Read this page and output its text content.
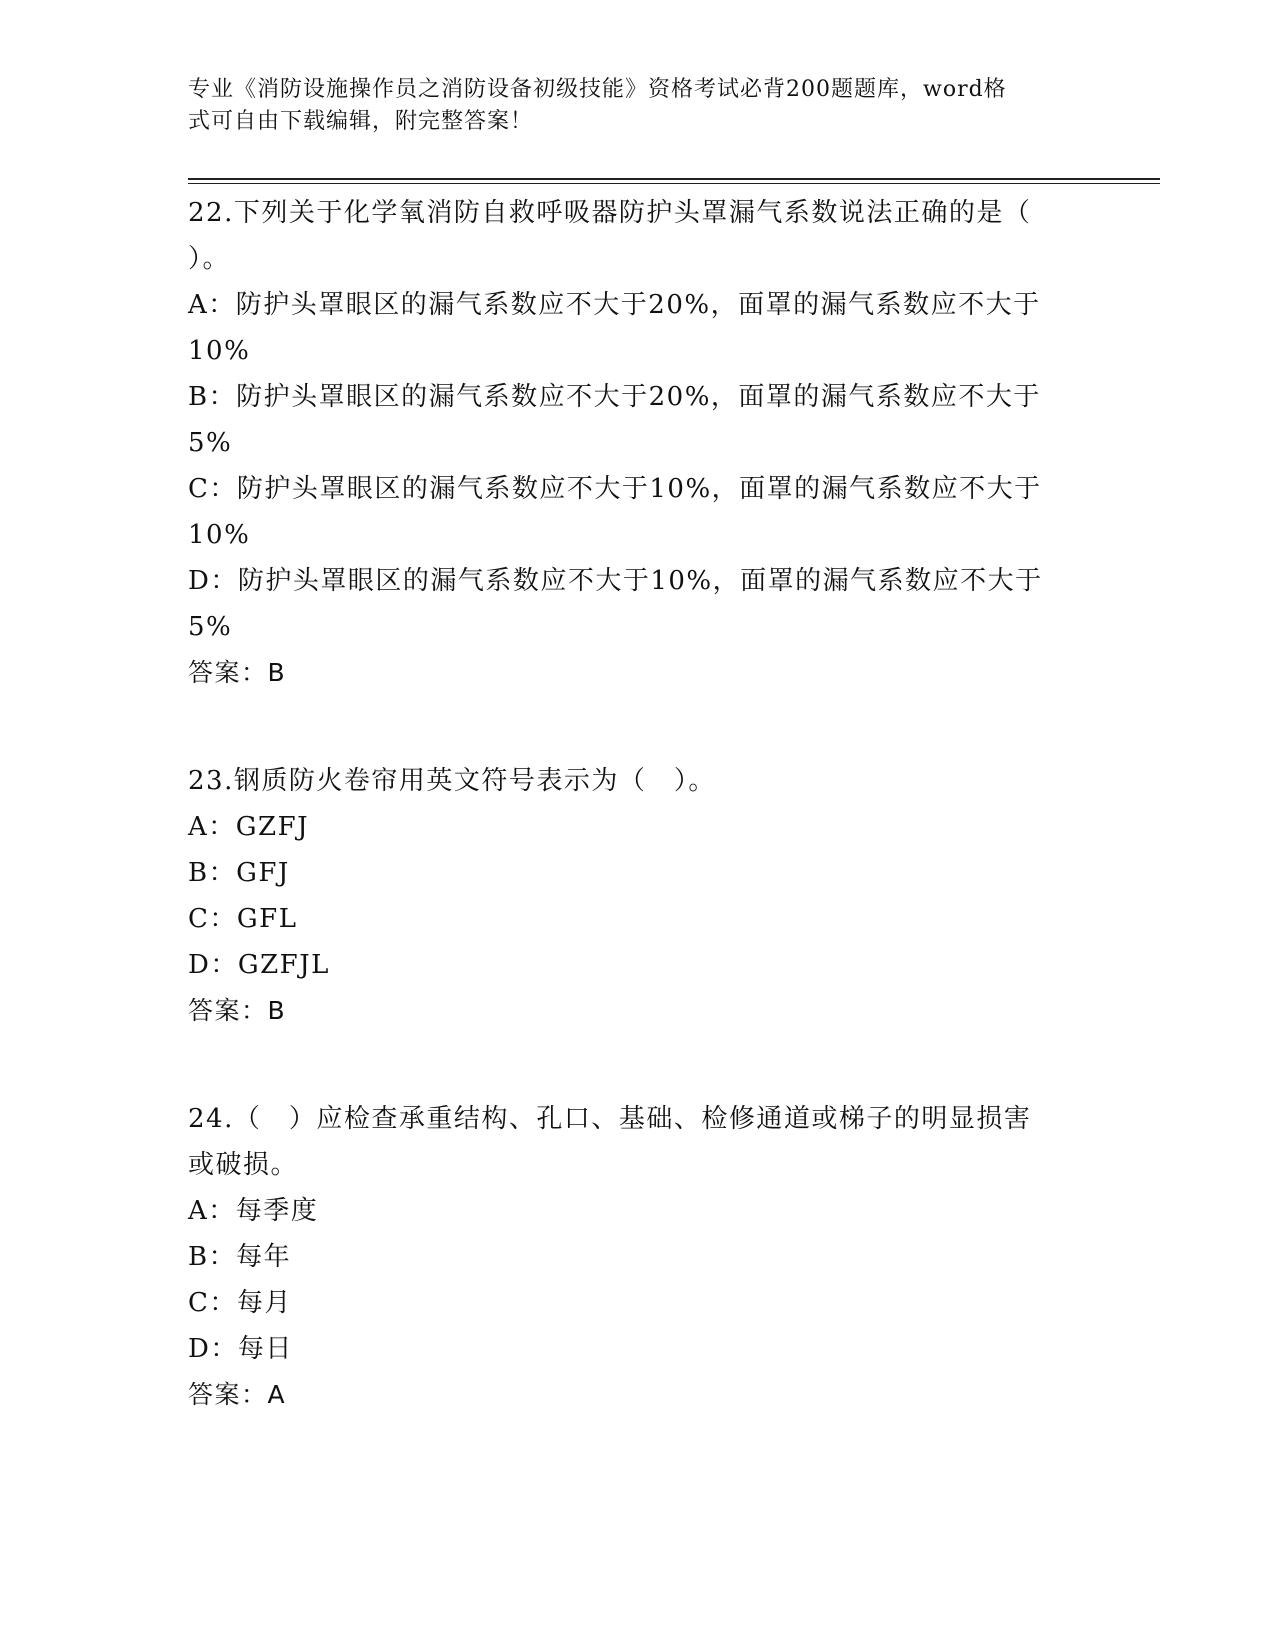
专业《消防设施操作员之消防设备初级技能》资格考试必背200题题库，word格
式可自由下载编辑，附完整答案！
22.下列关于化学氧消防自救呼吸器防护头罩漏气系数说法正确的是（
）。
A：防护头罩眼区的漏气系数应不大于20%，面罩的漏气系数应不大于
10%
B：防护头罩眼区的漏气系数应不大于20%，面罩的漏气系数应不大于
5%
C：防护头罩眼区的漏气系数应不大于10%，面罩的漏气系数应不大于
10%
D：防护头罩眼区的漏气系数应不大于10%，面罩的漏气系数应不大于
5%
答案：B
23.钢质防火卷帘用英文符号表示为（　）。
A：GZFJ
B：GFJ
C：GFL
D：GZFJL
答案：B
24.（　）应检查承重结构、孔口、基础、检修通道或梯子的明显损害
或破损。
A：每季度
B：每年
C：每月
D：每日
答案：A
